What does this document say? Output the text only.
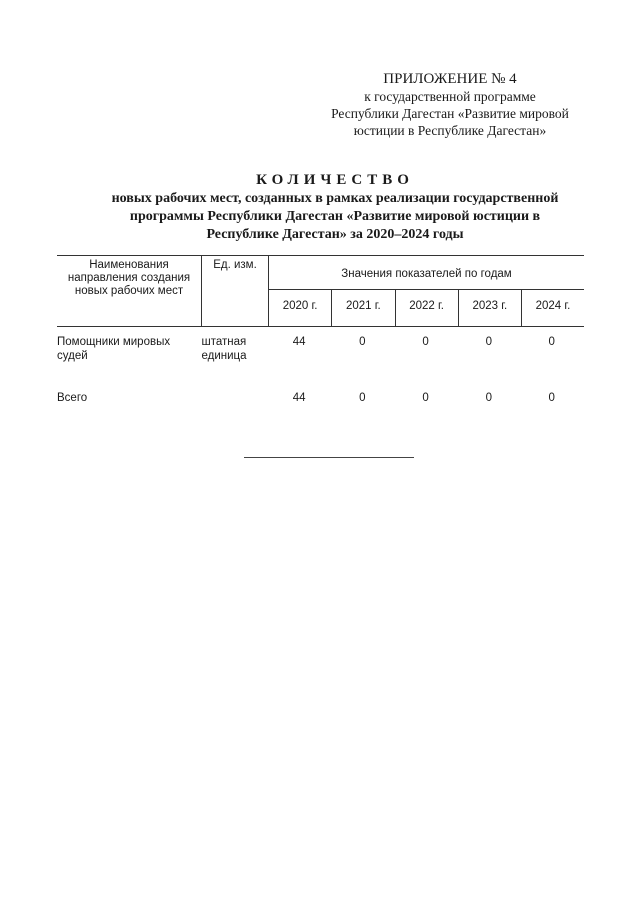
ПРИЛОЖЕНИЕ № 4
к государственной программе
Республики Дагестан «Развитие мировой
юстиции в Республике Дагестан»
КОЛИЧЕСТВО
новых рабочих мест, созданных в рамках реализации государственной
программы Республики Дагестан «Развитие мировой юстиции в
Республике Дагестан» за 2020–2024 годы
Наименования направления создания новых рабочих мест	Ед. изм.	Значения показателей по годам				
		2020 г.	2021 г.	2022 г.	2023 г.	2024 г.
Помощники мировых судей	штатная единица	44	0	0	0	0
Всего		44	0	0	0	0
